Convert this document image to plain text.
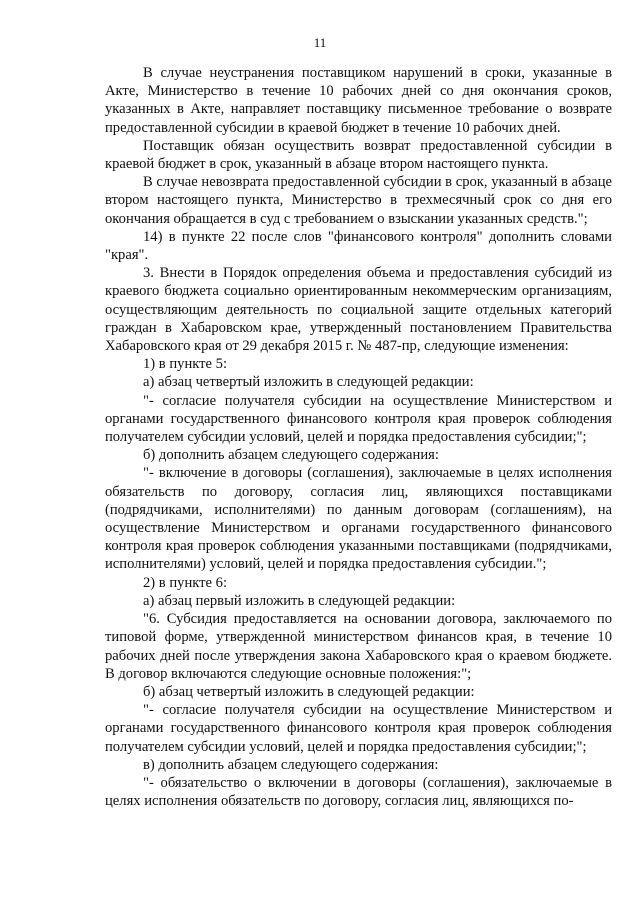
11

В случае неустранения поставщиком нарушений в сроки, указанные в Акте, Министерство в течение 10 рабочих дней со дня окончания сроков, указанных в Акте, направляет поставщику письменное требование о возврате предоставленной субсидии в краевой бюджет в течение 10 рабочих дней.

Поставщик обязан осуществить возврат предоставленной субсидии в краевой бюджет в срок, указанный в абзаце втором настоящего пункта.

В случае невозврата предоставленной субсидии в срок, указанный в абзаце втором настоящего пункта, Министерство в трехмесячный срок со дня его окончания обращается в суд с требованием о взыскании указанных средств.";

14) в пункте 22 после слов "финансового контроля" дополнить словами "края".

3. Внести в Порядок определения объема и предоставления субсидий из краевого бюджета социально ориентированным некоммерческим организациям, осуществляющим деятельность по социальной защите отдельных категорий граждан в Хабаровском крае, утвержденный постановлением Правительства Хабаровского края от 29 декабря 2015 г. № 487-пр, следующие изменения:

1) в пункте 5:

а) абзац четвертый изложить в следующей редакции:

"- согласие получателя субсидии на осуществление Министерством и органами государственного финансового контроля края проверок соблюдения получателем субсидии условий, целей и порядка предоставления субсидии;";

б) дополнить абзацем следующего содержания:

"- включение в договоры (соглашения), заключаемые в целях исполнения обязательств по договору, согласия лиц, являющихся поставщиками (подрядчиками, исполнителями) по данным договорам (соглашениям), на осуществление Министерством и органами государственного финансового контроля края проверок соблюдения указанными поставщиками (подрядчиками, исполнителями) условий, целей и порядка предоставления субсидии.";

2) в пункте 6:

а) абзац первый изложить в следующей редакции:

"6. Субсидия предоставляется на основании договора, заключаемого по типовой форме, утвержденной министерством финансов края, в течение 10 рабочих дней после утверждения закона Хабаровского края о краевом бюджете. В договор включаются следующие основные положения:";

б) абзац четвертый изложить в следующей редакции:

"- согласие получателя субсидии на осуществление Министерством и органами государственного финансового контроля края проверок соблюдения получателем субсидии условий, целей и порядка предоставления субсидии;";

в) дополнить абзацем следующего содержания:

"- обязательство о включении в договоры (соглашения), заключаемые в целях исполнения обязательств по договору, согласия лиц, являющихся по-
